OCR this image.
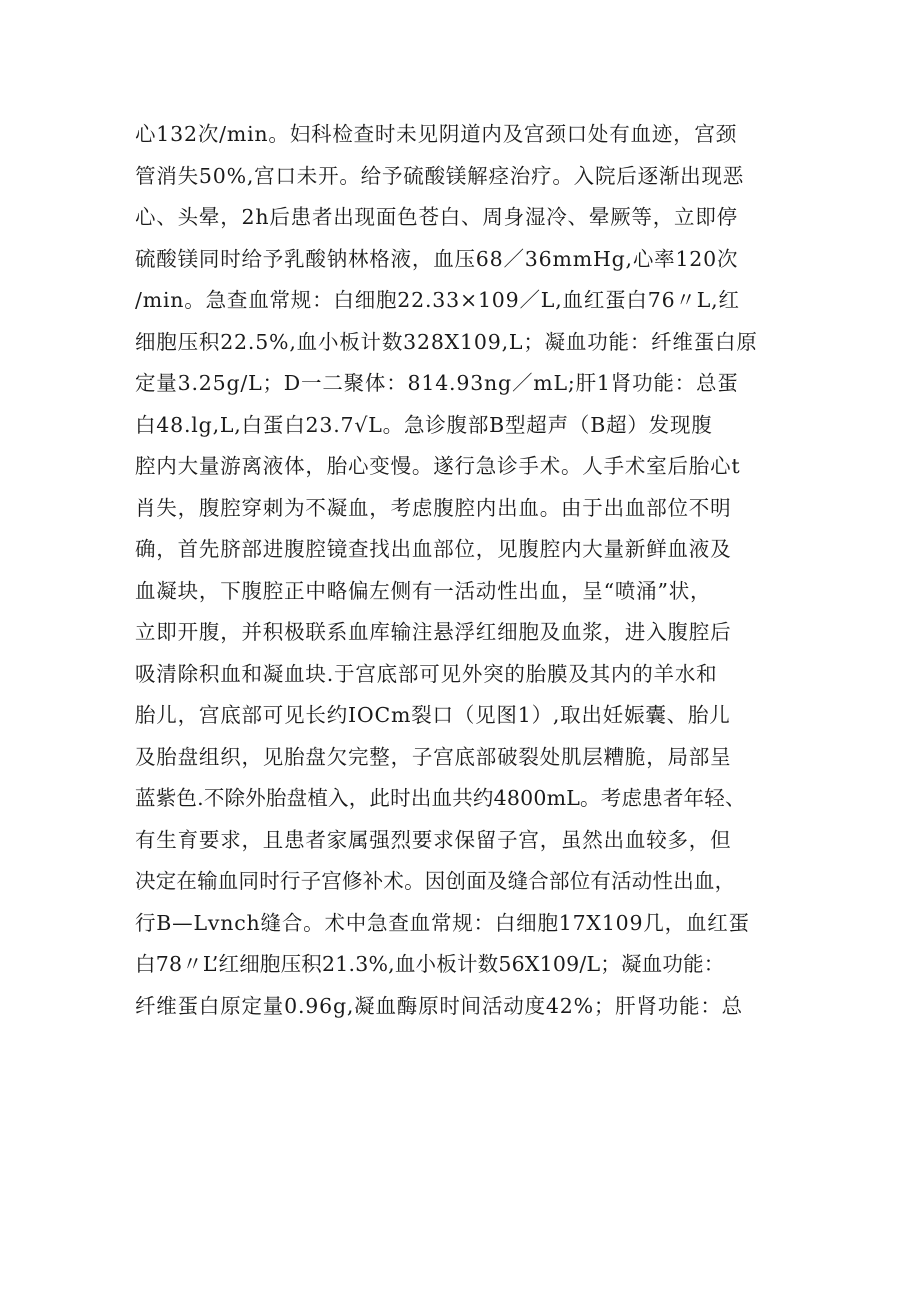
心132次/min。妇科检查时未见阴道内及宫颈口处有血迹，宫颈
管消失50%,宫口未开。给予硫酸镁解痉治疗。入院后逐渐出现恶
心、头晕，2h后患者出现面色苍白、周身湿冷、晕厥等，立即停
硫酸镁同时给予乳酸钠林格液，血压68／36mmHg,心率120次
/min。急查血常规：白细胞22.33×109／L,血红蛋白76〃L,红
细胞压积22.5%,血小板计数328X109,L；凝血功能：纤维蛋白原
定量3.25g/L；D一二聚体：814.93ng／mL;肝1肾功能：总蛋
白48.lg,L,白蛋白23.7√L。急诊腹部B型超声（B超）发现腹
腔内大量游离液体，胎心变慢。遂行急诊手术。人手术室后胎心t
肖失，腹腔穿刺为不凝血，考虑腹腔内出血。由于出血部位不明
确，首先脐部进腹腔镜查找出血部位，见腹腔内大量新鲜血液及
血凝块，下腹腔正中略偏左侧有一活动性出血，呈“喷涌”状，
立即开腹，并积极联系血库输注悬浮红细胞及血浆，进入腹腔后
吸清除积血和凝血块.于宫底部可见外突的胎膜及其内的羊水和
胎儿，宫底部可见长约IOCm裂口（见图1）,取出妊娠囊、胎儿
及胎盘组织，见胎盘欠完整，子宫底部破裂处肌层糟脆，局部呈
蓝紫色.不除外胎盘植入，此时出血共约4800mL。考虑患者年轻、
有生育要求，且患者家属强烈要求保留子宫，虽然出血较多，但
决定在输血同时行子宫修补术。因创面及缝合部位有活动性出血，
行B—Lvnch缝合。术中急查血常规：白细胞17X109几，血红蛋
白78〃L’红细胞压积21.3%,血小板计数56X109/L；凝血功能：
纤维蛋白原定量0.96g,凝血酶原时间活动度42%；肝肾功能：总
